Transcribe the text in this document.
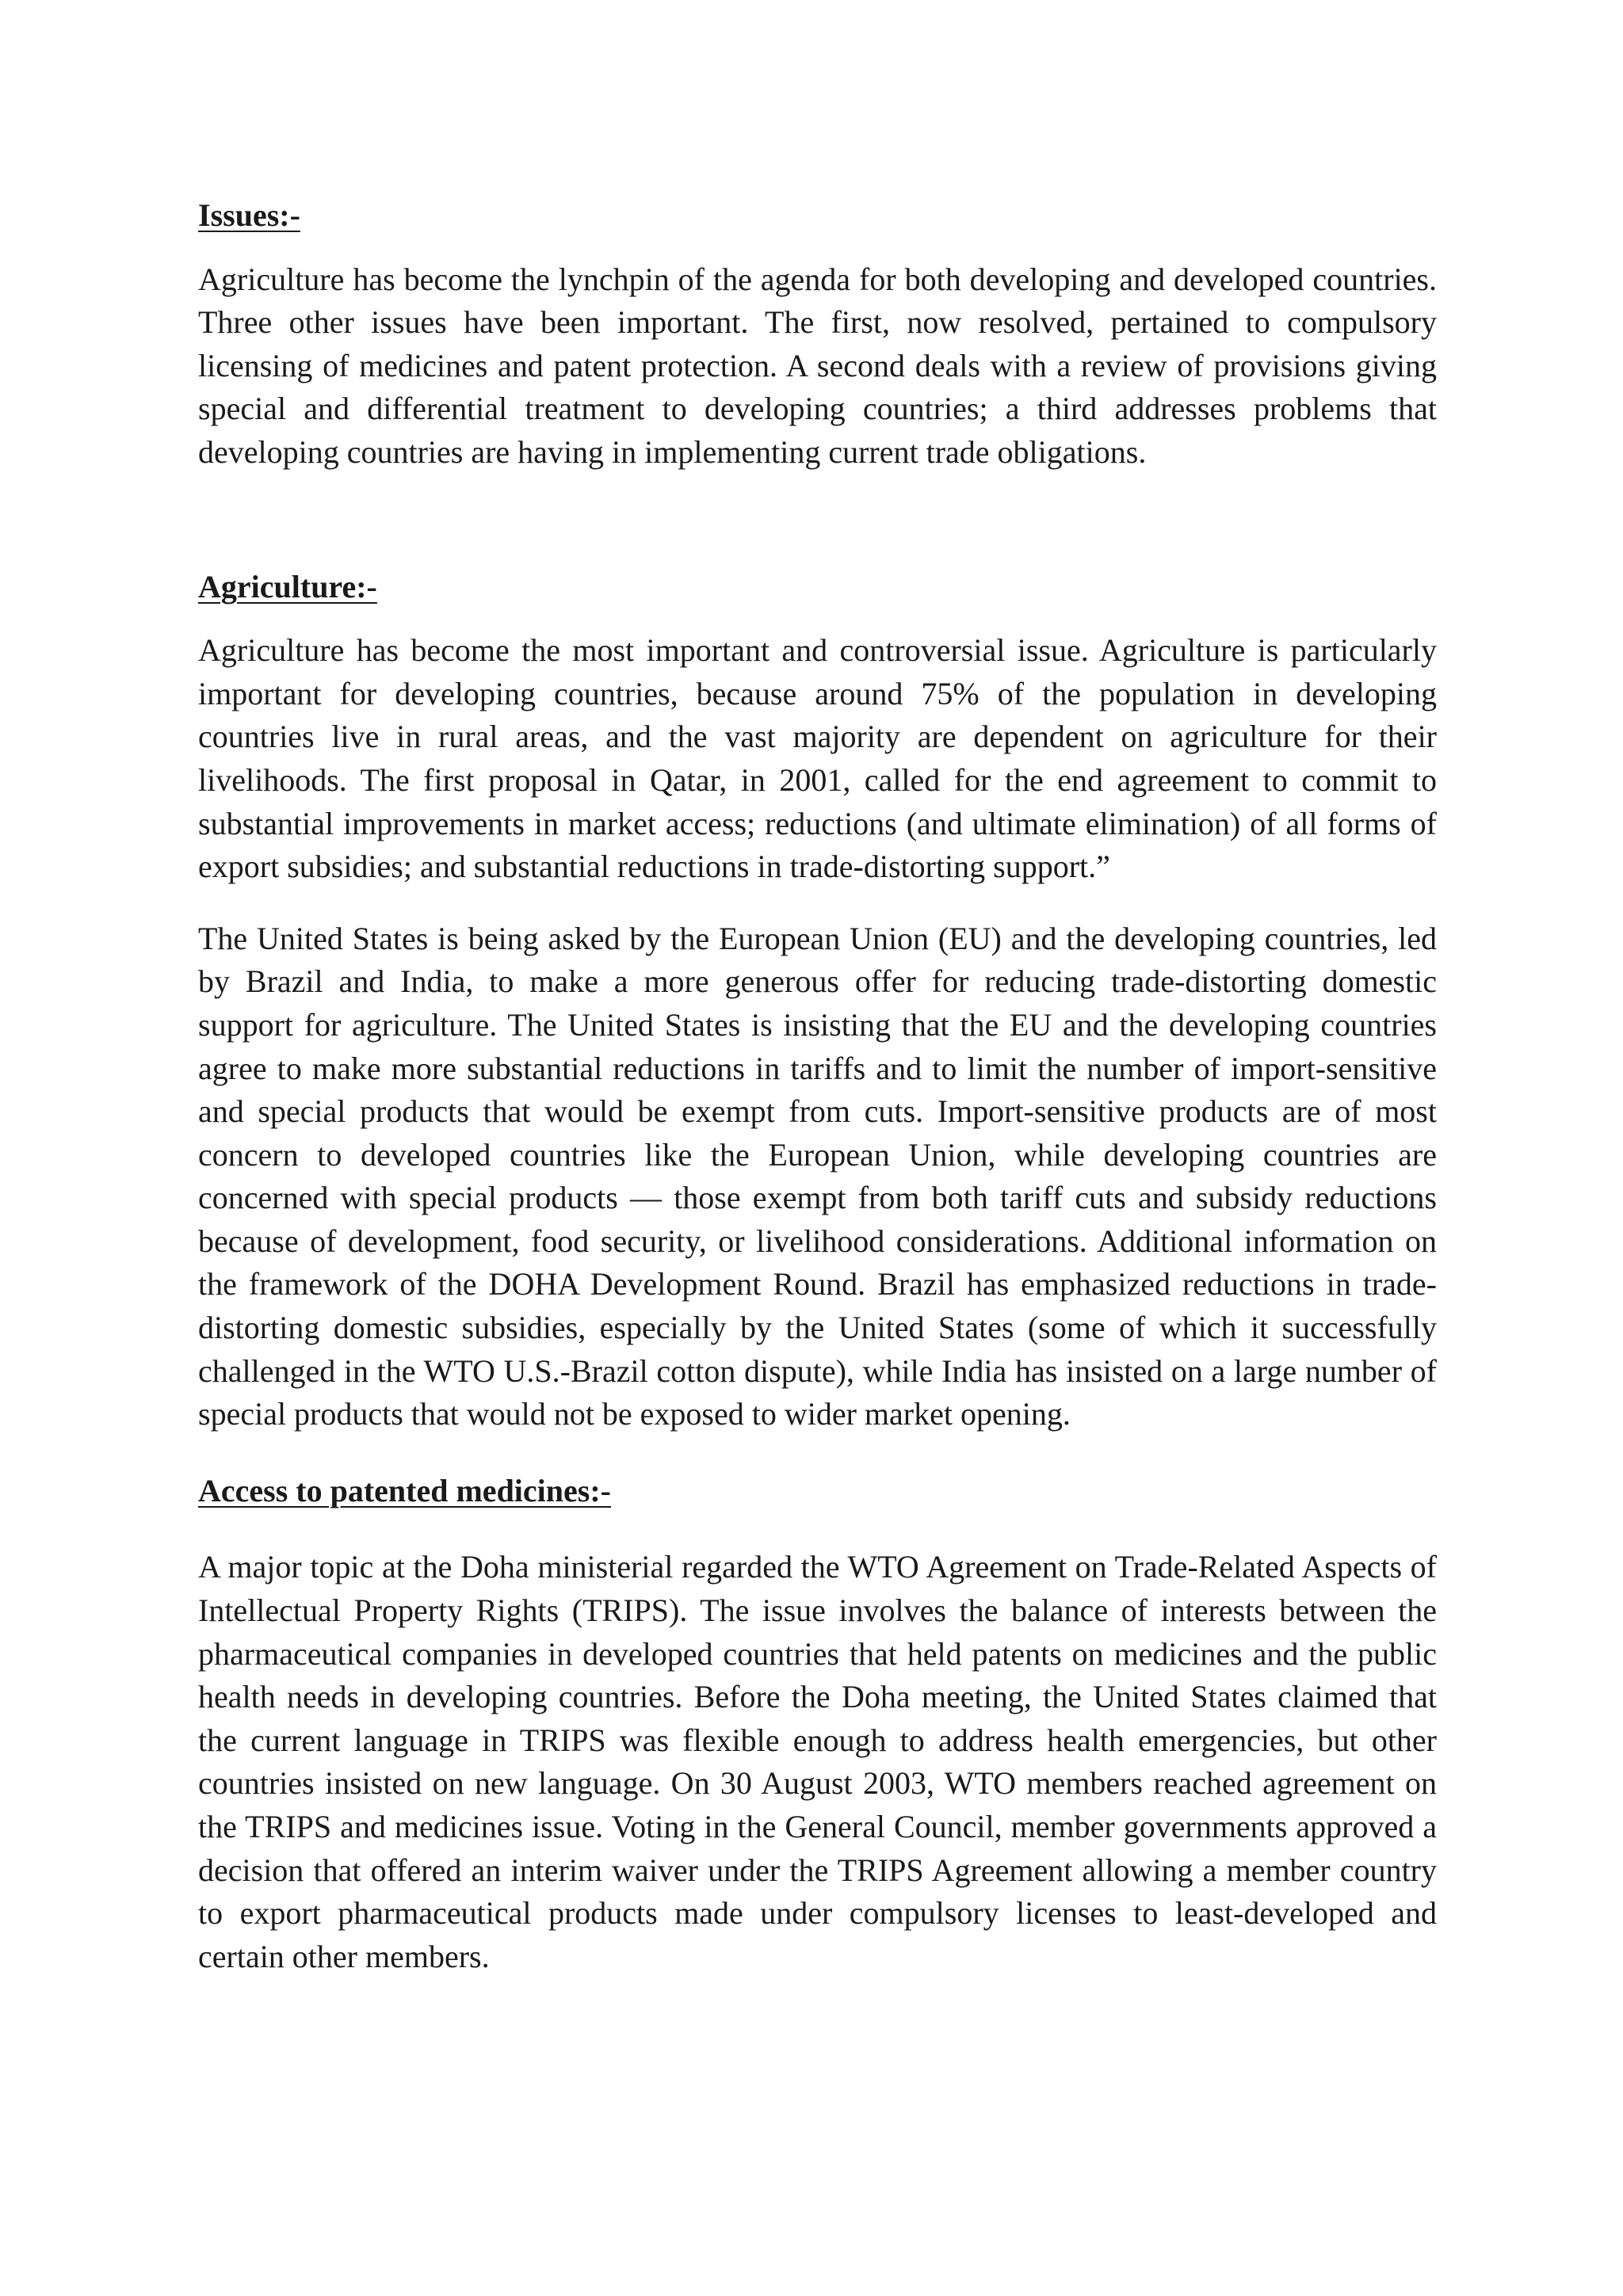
Issues:-

Agriculture has become the lynchpin of the agenda for both developing and developed countries. Three other issues have been important. The first, now resolved, pertained to compulsory licensing of medicines and patent protection. A second deals with a review of provisions giving special and differential treatment to developing countries; a third addresses problems that developing countries are having in implementing current trade obligations.

Agriculture:-

Agriculture has become the most important and controversial issue. Agriculture is particularly important for developing countries, because around 75% of the population in developing countries live in rural areas, and the vast majority are dependent on agriculture for their livelihoods. The first proposal in Qatar, in 2001, called for the end agreement to commit to substantial improvements in market access; reductions (and ultimate elimination) of all forms of export subsidies; and substantial reductions in trade-distorting support.”

The United States is being asked by the European Union (EU) and the developing countries, led by Brazil and India, to make a more generous offer for reducing trade-distorting domestic support for agriculture. The United States is insisting that the EU and the developing countries agree to make more substantial reductions in tariffs and to limit the number of import-sensitive and special products that would be exempt from cuts. Import-sensitive products are of most concern to developed countries like the European Union, while developing countries are concerned with special products — those exempt from both tariff cuts and subsidy reductions because of development, food security, or livelihood considerations. Additional information on the framework of the DOHA Development Round. Brazil has emphasized reductions in trade-distorting domestic subsidies, especially by the United States (some of which it successfully challenged in the WTO U.S.-Brazil cotton dispute), while India has insisted on a large number of special products that would not be exposed to wider market opening.

Access to patented medicines:-

A major topic at the Doha ministerial regarded the WTO Agreement on Trade-Related Aspects of Intellectual Property Rights (TRIPS). The issue involves the balance of interests between the pharmaceutical companies in developed countries that held patents on medicines and the public health needs in developing countries. Before the Doha meeting, the United States claimed that the current language in TRIPS was flexible enough to address health emergencies, but other countries insisted on new language. On 30 August 2003, WTO members reached agreement on the TRIPS and medicines issue. Voting in the General Council, member governments approved a decision that offered an interim waiver under the TRIPS Agreement allowing a member country to export pharmaceutical products made under compulsory licenses to least-developed and certain other members.
